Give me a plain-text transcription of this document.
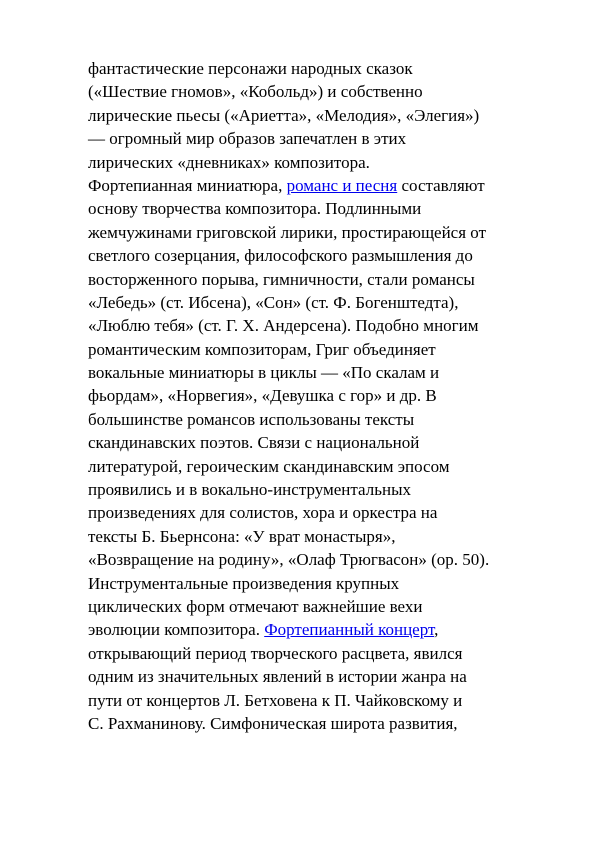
фантастические персонажи народных сказок
(«Шествие гномов», «Кобольд») и собственно
лирические пьесы («Ариетта», «Мелодия», «Элегия»)
— огромный мир образов запечатлен в этих
лирических «дневниках» композитора.
Фортепианная миниатюра, романс и песня составляют
основу творчества композитора. Подлинными
жемчужинами григовской лирики, простирающейся от
светлого созерцания, философского размышления до
восторженного порыва, гимничности, стали романсы
«Лебедь» (ст. Ибсена), «Сон» (ст. Ф. Богенштедта),
«Люблю тебя» (ст. Г. Х. Андерсена). Подобно многим
романтическим композиторам, Григ объединяет
вокальные миниатюры в циклы — «По скалам и
фьордам», «Норвегия», «Девушка с гор» и др. В
большинстве романсов использованы тексты
скандинавских поэтов. Связи с национальной
литературой, героическим скандинавским эпосом
проявились и в вокально-инструментальных
произведениях для солистов, хора и оркестра на
тексты Б. Бьернсона: «У врат монастыря»,
«Возвращение на родину», «Олаф Трюгвасон» (ор. 50).
Инструментальные произведения крупных
циклических форм отмечают важнейшие вехи
эволюции композитора. Фортепианный концерт,
открывающий период творческого расцвета, явился
одним из значительных явлений в истории жанра на
пути от концертов Л. Бетховена к П. Чайковскому и
С. Рахманинову. Симфоническая широта развития,
